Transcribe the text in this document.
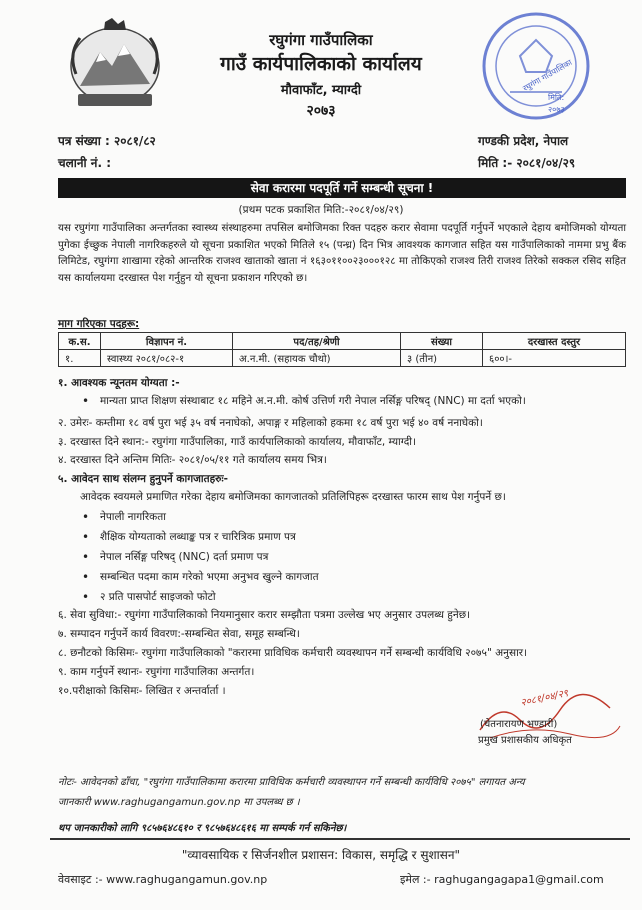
रघुगंगा गाउँपालिका
मिति:
२०७३
रघुगंगा गाउँपालिका
गाउँ कार्यपालिकाको कार्यालय
मौवाफाँट, म्याग्दी
२०७३
पत्र संख्या : २०८१/८२
चलानी नं. :
गण्डकी प्रदेश, नेपाल
मिति :- २०८१/०४/२९
सेवा करारमा पदपूर्ति गर्ने सम्बन्धी सूचना !
(प्रथम पटक प्रकाशित मिति:-२०८१/०४/२९)
यस रघुगंगा गाउँपालिका अन्तर्गतका स्वास्थ्य संस्थाहरुमा तपसिल बमोजिमका रिक्त पदहरु करार सेवामा पदपूर्ति गर्नुपर्ने भएकाले देहाय बमोजिमको योग्यता पुगेका ईच्छुक नेपाली नागरिकहरुले यो सूचना प्रकाशित भएको मितिले १५ (पन्ध्र) दिन भित्र आवश्यक कागजात सहित यस गाउँपालिकाको नाममा प्रभु बैंक लिमिटेड, रघुगंगा शाखामा रहेको आन्तरिक राजश्व खाताको खाता नं १६३०११००२३०००१२८ मा तोकिएको राजश्व तिरी राजश्व तिरेको सक्कल रसिद सहित यस कार्यालयमा दरखास्त पेश गर्नुहुन यो सूचना प्रकाशन गरिएको छ।
माग गरिएका पदहरू:
क.स.	विज्ञापन नं.	पद/तह/श्रेणी	संख्या	दरखास्त दस्तुर
१.	स्वास्थ्य २०८१/०८२-१	अ.न.मी. (सहायक चौथो)	३ (तीन)	६००।-
१. आवश्यक न्यूनतम योग्यता :-
• मान्यता प्राप्त शिक्षण संस्थाबाट १८ महिने अ.न.मी. कोर्ष उत्तिर्ण गरी नेपाल नर्सिङ्ग परिषद् (NNC) मा दर्ता भएको।
२. उमेरः- कम्तीमा १८ वर्ष पुरा भई ३५ वर्ष ननाघेको, अपाङ्ग र महिलाको हकमा १८ वर्ष पुरा भई ४० वर्ष ननाघेको।
३. दरखास्त दिने स्थान:- रघुगंगा गाउँपालिका, गाउँ कार्यपालिकाको कार्यालय, मौवाफाँट, म्याग्दी।
४. दरखास्त दिने अन्तिम मितिः- २०८१/०५/११ गते कार्यालय समय भित्र।
५. आवेदन साथ संलग्न हुनुपर्ने कागजातहरुः-
आवेदक स्वयमले प्रमाणित गरेका देहाय बमोजिमका कागजातको प्रतिलिपिहरू दरखास्त फारम साथ पेश गर्नुपर्ने छ।
• नेपाली नागरिकता
• शैक्षिक योग्यताको लब्धाङ्क पत्र र चारित्रिक प्रमाण पत्र
• नेपाल नर्सिङ्ग परिषद् (NNC) दर्ता प्रमाण पत्र
• सम्बन्धित पदमा काम गरेको भएमा अनुभव खुल्ने कागजात
• २ प्रति पासपोर्ट साइजको फोटो
६. सेवा सुविधा:- रघुगंगा गाउँपालिकाको नियमानुसार करार सम्झौता पत्रमा उल्लेख भए अनुसार उपलब्ध हुनेछ।
७. सम्पादन गर्नुपर्ने कार्य विवरण:-सम्बन्धित सेवा, समूह सम्बन्धि।
८. छनौटको किसिमः- रघुगंगा गाउँपालिकाको "करारमा प्राविधिक कर्मचारी व्यवस्थापन गर्ने सम्बन्धी कार्यविधि २०७५" अनुसार।
९. काम गर्नुपर्ने स्थानः- रघुगंगा गाउँपालिका अन्तर्गत।
१०.परीक्षाको किसिमः- लिखित र अन्तर्वार्ता ।	२०८१/०४/२९
(चेतनारायण भण्डारी)
प्रमुख प्रशासकीय अधिकृत
नोटः- आवेदनको ढाँचा, "रघुगंगा गाउँपालिकामा करारमा प्राविधिक कर्मचारी व्यवस्थापन गर्ने सम्बन्धी कार्यविधि २०७५" लगायत अन्य
जानकारी www.raghugangamun.gov.np मा उपलब्ध छ ।
थप जानकारीको लागि ९८५७६४८६१० र ९८५७६४८६१६ मा सम्पर्क गर्न सकिनेछ।
"व्यावसायिक र सिर्जनशील प्रशासन: विकास, समृद्धि र सुशासन"
वेवसाइट :- www.raghugangamun.gov.np	इमेल :- raghugangagapa1@gmail.com
